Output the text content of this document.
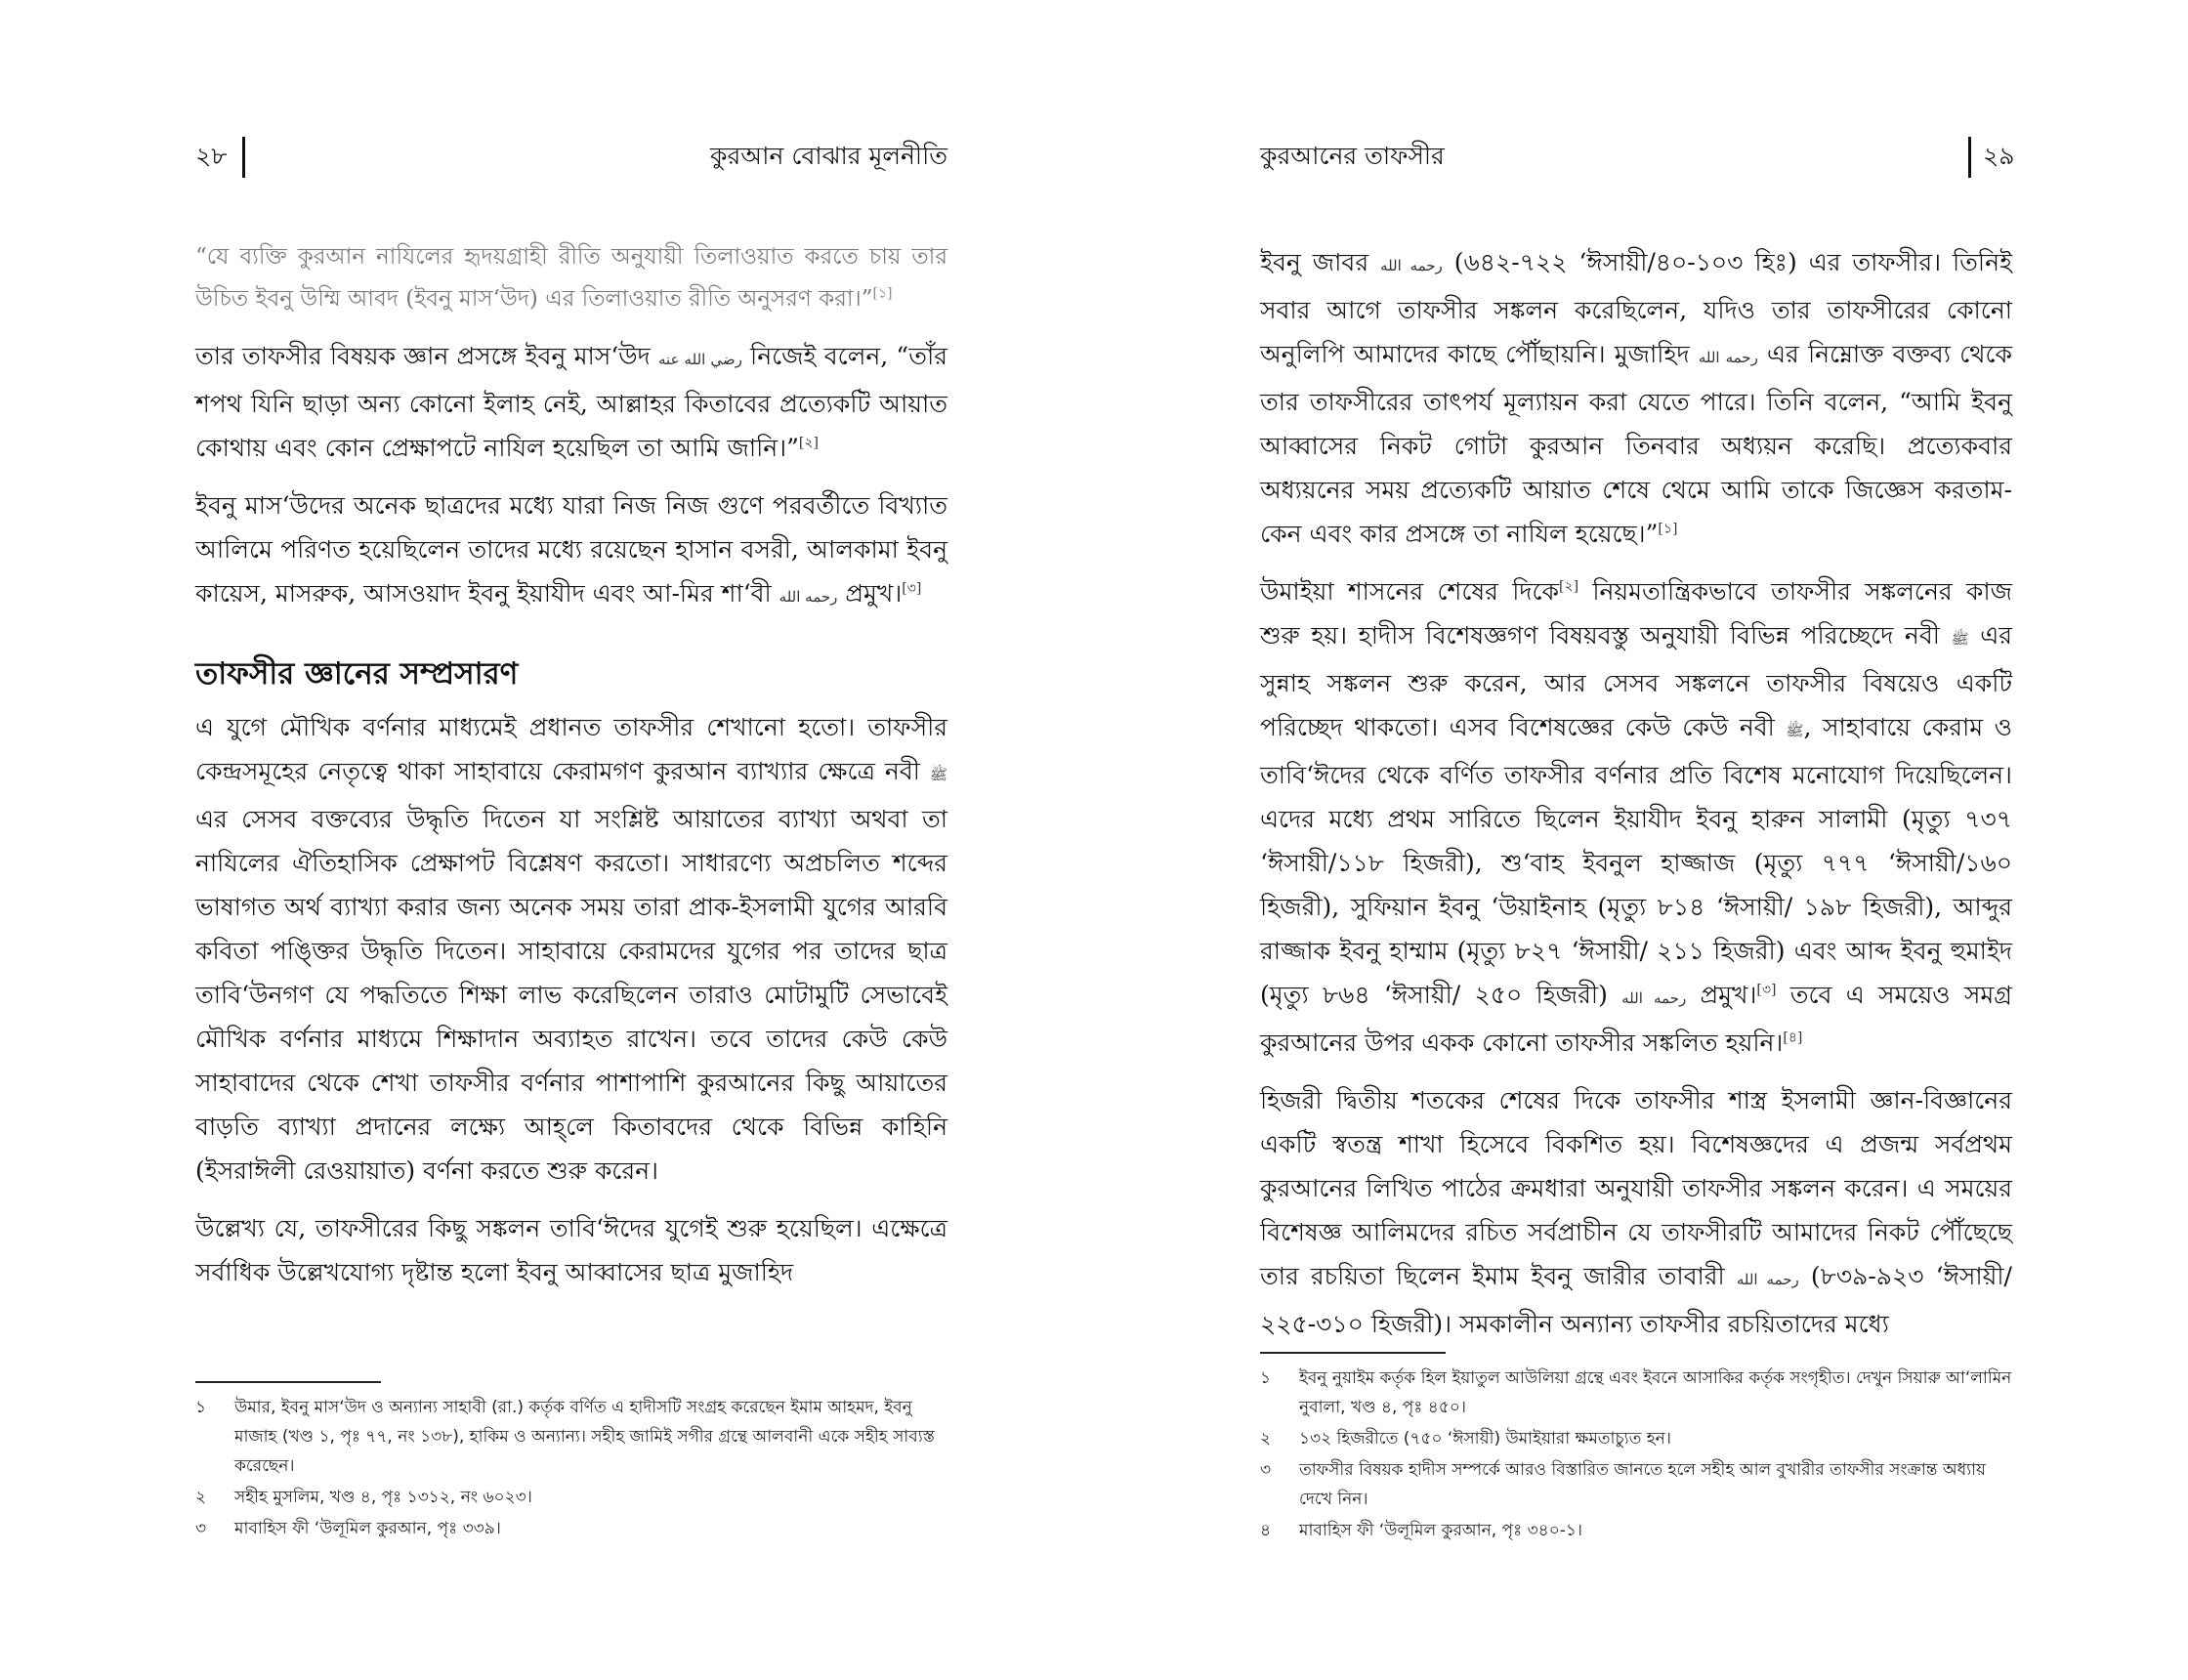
২৮	কুরআন বোঝার মূলনীতি

“যে ব্যক্তি কুরআন নাযিলের হৃদয়গ্রাহী রীতি অনুযায়ী তিলাওয়াত করতে চায় তার উচিত ইবনু উম্মি আবদ (ইবনু মাস‘উদ) এর তিলাওয়াত রীতি অনুসরণ করা।”[১]

তার তাফসীর বিষয়ক জ্ঞান প্রসঙ্গে ইবনু মাস‘উদ رضي الله عنه নিজেই বলেন, “তাঁর শপথ যিনি ছাড়া অন্য কোনো ইলাহ নেই, আল্লাহর কিতাবের প্রত্যেকটি আয়াত কোথায় এবং কোন প্রেক্ষাপটে নাযিল হয়েছিল তা আমি জানি।”[২]

ইবনু মাস‘উদের অনেক ছাত্রদের মধ্যে যারা নিজ নিজ গুণে পরবর্তীতে বিখ্যাত আলিমে পরিণত হয়েছিলেন তাদের মধ্যে রয়েছেন হাসান বসরী, আলকামা ইবনু কায়েস, মাসরুক, আসওয়াদ ইবনু ইয়াযীদ এবং আ-মির শা‘বী رحمه الله প্রমুখ।[৩]

তাফসীর জ্ঞানের সম্প্রসারণ

এ যুগে মৌখিক বর্ণনার মাধ্যমেই প্রধানত তাফসীর শেখানো হতো। তাফসীর কেন্দ্রসমূহের নেতৃত্বে থাকা সাহাবায়ে কেরামগণ কুরআন ব্যাখ্যার ক্ষেত্রে নবী ﷺ এর সেসব বক্তব্যের উদ্ধৃতি দিতেন যা সংশ্লিষ্ট আয়াতের ব্যাখ্যা অথবা তা নাযিলের ঐতিহাসিক প্রেক্ষাপট বিশ্লেষণ করতো। সাধারণ্যে অপ্রচলিত শব্দের ভাষাগত অর্থ ব্যাখ্যা করার জন্য অনেক সময় তারা প্রাক-ইসলামী যুগের আরবি কবিতা পঙ্ক্তির উদ্ধৃতি দিতেন। সাহাবায়ে কেরামদের যুগের পর তাদের ছাত্র তাবি‘উনগণ যে পদ্ধতিতে শিক্ষা লাভ করেছিলেন তারাও মোটামুটি সেভাবেই মৌখিক বর্ণনার মাধ্যমে শিক্ষাদান অব্যাহত রাখেন। তবে তাদের কেউ কেউ সাহাবাদের থেকে শেখা তাফসীর বর্ণনার পাশাপাশি কুরআনের কিছু আয়াতের বাড়তি ব্যাখ্যা প্রদানের লক্ষ্যে আহ্‌লে কিতাবদের থেকে বিভিন্ন কাহিনি (ইসরাঈলী রেওয়ায়াত) বর্ণনা করতে শুরু করেন।

উল্লেখ্য যে, তাফসীরের কিছু সঙ্কলন তাবি‘ঈদের যুগেই শুরু হয়েছিল। এক্ষেত্রে সর্বাধিক উল্লেখযোগ্য দৃষ্টান্ত হলো ইবনু আব্বাসের ছাত্র মুজাহিদ

১	উমার, ইবনু মাস‘উদ ও অন্যান্য সাহাবী (রা.) কর্তৃক বর্ণিত এ হাদীসটি সংগ্রহ করেছেন ইমাম আহমদ, ইবনু মাজাহ (খণ্ড ১, পৃঃ ৭৭, নং ১৩৮), হাকিম ও অন্যান্য। সহীহ জামিই সগীর গ্রন্থে আলবানী একে সহীহ সাব্যস্ত করেছেন।
২	সহীহ মুসলিম, খণ্ড ৪, পৃঃ ১৩১২, নং ৬০২৩।
৩	মাবাহিস ফী ‘উলূমিল কুরআন, পৃঃ ৩৩৯।
কুরআনের তাফসীর	২৯

ইবনু জাবর رحمه الله (৬৪২-৭২২ ‘ঈসায়ী/৪০-১০৩ হিঃ) এর তাফসীর। তিনিই সবার আগে তাফসীর সঙ্কলন করেছিলেন, যদিও তার তাফসীরের কোনো অনুলিপি আমাদের কাছে পৌঁছায়নি। মুজাহিদ رحمه الله এর নিম্নোক্ত বক্তব্য থেকে তার তাফসীরের তাৎপর্য মূল্যায়ন করা যেতে পারে। তিনি বলেন, “আমি ইবনু আব্বাসের নিকট গোটা কুরআন তিনবার অধ্যয়ন করেছি। প্রত্যেকবার অধ্যয়নের সময় প্রত্যেকটি আয়াত শেষে থেমে আমি তাকে জিজ্ঞেস করতাম-কেন এবং কার প্রসঙ্গে তা নাযিল হয়েছে।”[১]

উমাইয়া শাসনের শেষের দিকে[২] নিয়মতান্ত্রিকভাবে তাফসীর সঙ্কলনের কাজ শুরু হয়। হাদীস বিশেষজ্ঞগণ বিষয়বস্তু অনুযায়ী বিভিন্ন পরিচ্ছেদে নবী ﷺ এর সুন্নাহ সঙ্কলন শুরু করেন, আর সেসব সঙ্কলনে তাফসীর বিষয়েও একটি পরিচ্ছেদ থাকতো। এসব বিশেষজ্ঞের কেউ কেউ নবী ﷺ, সাহাবায়ে কেরাম ও তাবি‘ঈদের থেকে বর্ণিত তাফসীর বর্ণনার প্রতি বিশেষ মনোযোগ দিয়েছিলেন। এদের মধ্যে প্রথম সারিতে ছিলেন ইয়াযীদ ইবনু হারুন সালামী (মৃত্যু ৭৩৭ ‘ঈসায়ী/১১৮ হিজরী), শু‘বাহ ইবনুল হাজ্জাজ (মৃত্যু ৭৭৭ ‘ঈসায়ী/১৬০ হিজরী), সুফিয়ান ইবনু ‘উয়াইনাহ (মৃত্যু ৮১৪ ‘ঈসায়ী/ ১৯৮ হিজরী), আব্দুর রাজ্জাক ইবনু হাম্মাম (মৃত্যু ৮২৭ ‘ঈসায়ী/ ২১১ হিজরী) এবং আব্দ ইবনু হুমাইদ (মৃত্যু ৮৬৪ ‘ঈসায়ী/ ২৫০ হিজরী) رحمه الله প্রমুখ।[৩] তবে এ সময়েও সমগ্র কুরআনের উপর একক কোনো তাফসীর সঙ্কলিত হয়নি।[৪]

হিজরী দ্বিতীয় শতকের শেষের দিকে তাফসীর শাস্ত্র ইসলামী জ্ঞান-বিজ্ঞানের একটি স্বতন্ত্র শাখা হিসেবে বিকশিত হয়। বিশেষজ্ঞদের এ প্রজন্ম সর্বপ্রথম কুরআনের লিখিত পাঠের ক্রমধারা অনুযায়ী তাফসীর সঙ্কলন করেন। এ সময়ের বিশেষজ্ঞ আলিমদের রচিত সর্বপ্রাচীন যে তাফসীরটি আমাদের নিকট পৌঁছেছে তার রচয়িতা ছিলেন ইমাম ইবনু জারীর তাবারী رحمه الله (৮৩৯-৯২৩ ‘ঈসায়ী/২২৫-৩১০ হিজরী)। সমকালীন অন্যান্য তাফসীর রচয়িতাদের মধ্যে

১	ইবনু নুয়াইম কর্তৃক হিল ইয়াতুল আউলিয়া গ্রন্থে এবং ইবনে আসাকির কর্তৃক সংগৃহীত। দেখুন সিয়ারু আ‘লামিন নুবালা, খণ্ড ৪, পৃঃ ৪৫০।
২	১৩২ হিজরীতে (৭৫০ ‘ঈসায়ী) উমাইয়ারা ক্ষমতাচ্যুত হন।
৩	তাফসীর বিষয়ক হাদীস সম্পর্কে আরও বিস্তারিত জানতে হলে সহীহ আল বুখারীর তাফসীর সংক্রান্ত অধ্যায় দেখে নিন।
৪	মাবাহিস ফী ‘উলূমিল কুরআন, পৃঃ ৩৪০-১।
